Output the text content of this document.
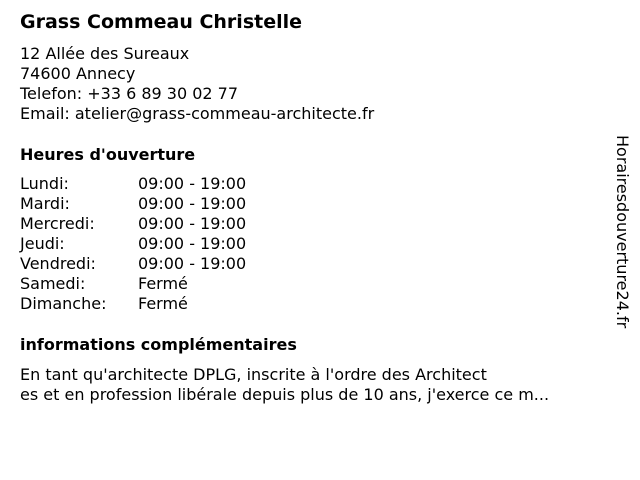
Grass Commeau Christelle
12 Allée des Sureaux
74600 Annecy
Telefon: +33 6 89 30 02 77
Email: atelier@grass-commeau-architecte.fr
Heures d'ouverture
Lundi:	09:00 - 19:00
Mardi:	09:00 - 19:00
Mercredi:	09:00 - 19:00
Jeudi:	09:00 - 19:00
Vendredi:	09:00 - 19:00
Samedi:	Fermé
Dimanche: Fermé
informations complémentaires
En tant qu'architecte DPLG, inscrite à l'ordre des Architect
es et en profession libérale depuis plus de 10 ans, j'exerce ce m...
Horairesdouverture24.fr
